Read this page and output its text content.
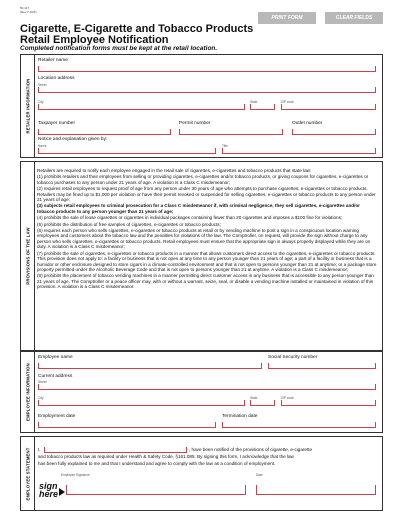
50-117
(Rev.7-16/5)
PRINT FORM	CLEAR FIELDS
Cigarette, E-Cigarette and Tobacco Products
Retail Employee Notification
Completed notification forms must be kept at the retail location.
RETAILER INFORMATION
Retailer name
Location address
Street
City	State	ZIP code
Taxpayer number	Permit number	Outlet number
Notice and explanation given by:
Name	Title
PROVISIONS OF THE LAW

Retailers are required to notify each employee engaged in the retail sale of cigarettes, e-cigarettes and tobacco products that state law:

(1) prohibits retailers and their employees from selling or providing cigarettes, e-cigarettes and/or tobacco products, or giving coupons for cigarettes, e-cigarettes or tobacco purchases to any person under 21 years of age. A violation is a Class C misdemeanor;

(2) requires retail employees to request proof of age from any person under 30 years of age who attempts to purchase cigarettes, e-cigarettes or tobacco products. Retailers may be fined up to $1,000 per violation or have their permit revoked or suspended for selling cigarettes, e-cigarettes or tobacco products to any person under 21 years of age;

(3) subjects retail employees to criminal prosecution for a Class C misdemeanor if, with criminal negligence, they sell cigarettes, e-cigarettes and/or tobacco products to any person younger than 21 years of age;

(4) prohibits the sale of loose cigarettes or cigarettes in individual packages containing fewer than 20 cigarettes and imposes a $100 fine for violations;

(5) prohibits the distribution of free samples of cigarettes, e-cigarettes or tobacco products;

(6) requires each person who sells cigarettes, e-cigarettes or tobacco products at retail or by vending machine to post a sign in a conspicuous location warning employees and customers about the tobacco law and the penalties for violations of the law. The Comptroller, on request, will provide the sign without charge to any person who sells cigarettes, e-cigarettes or tobacco products. Retail employees must ensure that the appropriate sign is always properly displayed while they are on duty. A violation is a Class C misdemeanor;

(7) prohibits the sale of cigarettes, e-cigarettes or tobacco products in a manner that allows customers direct access to the cigarettes, e-cigarettes or tobacco products. This provision does not apply to: a facility or business that is not open at any time to any person younger than 21 years of age; a part of a facility or business that is a humidor or other enclosure designed to store cigars in a climate-controlled environment and that is not open to persons younger than 21 at anytime; or a package store property permitted under the Alcoholic Beverage Code and that is not open to persons younger than 21 at anytime. A violation is a Class C misdemeanor;

(8) prohibits the placement of tobacco vending machines in a manner permitting direct customer access in any business that is accessible to any person younger than 21 years of age. The Comptroller or a peace officer may, with or without a warrant, seize, seal, or disable a vending machine installed or maintained in violation of this provision. A violation is a Class C misdemeanor.

EMPLOYEE INFORMATION
Employee name	Social Security number
Current address
Street
City	State	ZIP code
Employment date	Termination date
EMPLOYEE STATEMENT I,	, have been notified of the provisions of cigarette, e-cigarette
and tobacco products law as required under Health & Safety Code, §161.085. By signing this form, I acknowledge that the law
has been fully explained to me and that I understand and agree to comply with the law as a condition of employment.
Employee Signature	Date
sign here
